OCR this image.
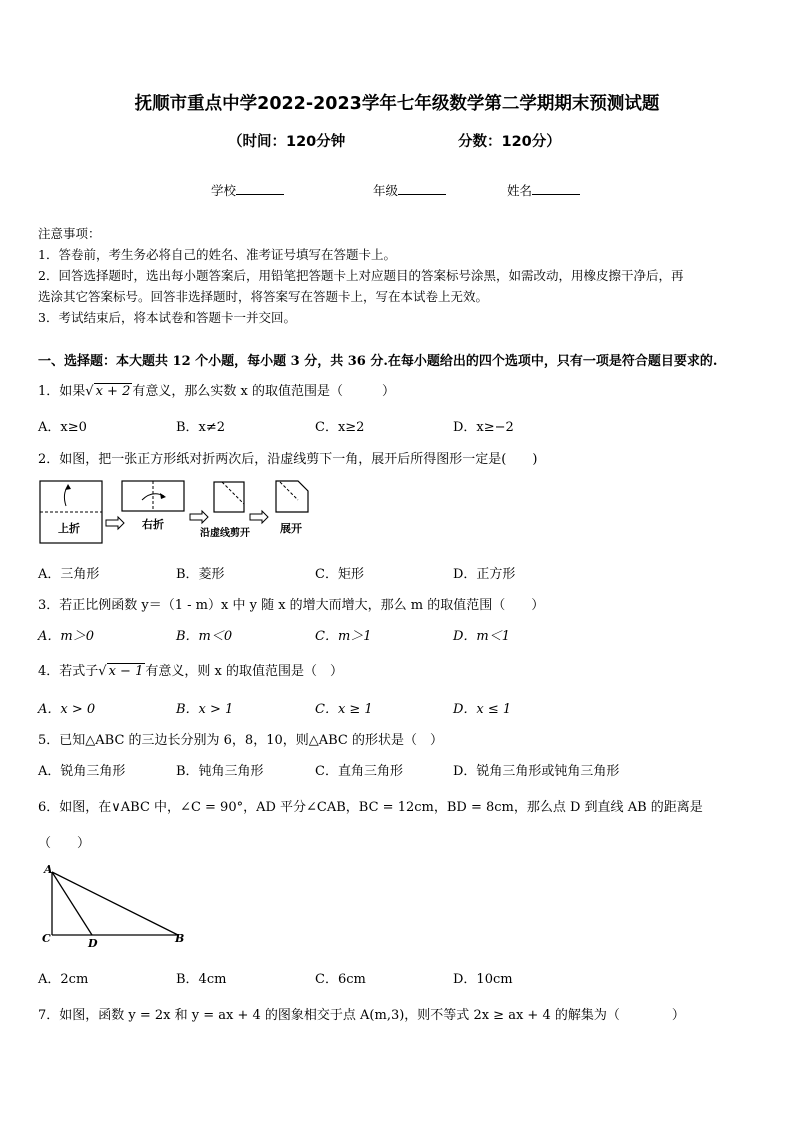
抚顺市重点中学2022-2023学年七年级数学第二学期期末预测试题
（时间：120分钟	分数：120分）
学校	年级	姓名
注意事项：
1．答卷前，考生务必将自己的姓名、准考证号填写在答题卡上。
2．回答选择题时，选出每小题答案后，用铅笔把答题卡上对应题目的答案标号涂黑，如需改动，用橡皮擦干净后，再
选涂其它答案标号。回答非选择题时，将答案写在答题卡上，写在本试卷上无效。
3．考试结束后，将本试卷和答题卡一并交回。
一、选择题：本大题共 12 个小题，每小题 3 分，共 36 分.在每小题给出的四个选项中，只有一项是符合题目要求的.
1．如果√ x + 2 有意义，那么实数 x 的取值范围是（　　　）
A．x≥0	B．x≠2	C．x≥2	D．x≥−2
2．如图，把一张正方形纸对折两次后，沿虚线剪下一角，展开后所得图形一定是(　　)
上折	右折
沿虚线剪开	展开
A．三角形	B．菱形	C．矩形	D．正方形
3．若正比例函数 y＝（1 - m）x 中 y 随 x 的增大而增大，那么 m 的取值范围（　　）
A．m＞0	B．m＜0	C．m＞1	D．m＜1
4．若式子√ x − 1 有意义，则 x 的取值范围是（　）
A．x > 0	B．x > 1	C．x ≥ 1	D．x ≤ 1
5．已知△ABC 的三边长分别为 6，8，10，则△ABC 的形状是（　）
A．锐角三角形	B．钝角三角形	C．直角三角形	D．锐角三角形或钝角三角形
6．如图，在∨ABC 中，∠C = 90°，AD 平分∠CAB，BC = 12cm，BD = 8cm，那么点 D 到直线 AB 的距离是
（　　）
A
C	D	B
A．2cm	B．4cm	C．6cm	D．10cm
7．如图，函数 y = 2x 和 y = ax + 4 的图象相交于点 A(m,3)，则不等式 2x ≥ ax + 4 的解集为（　　　　）
